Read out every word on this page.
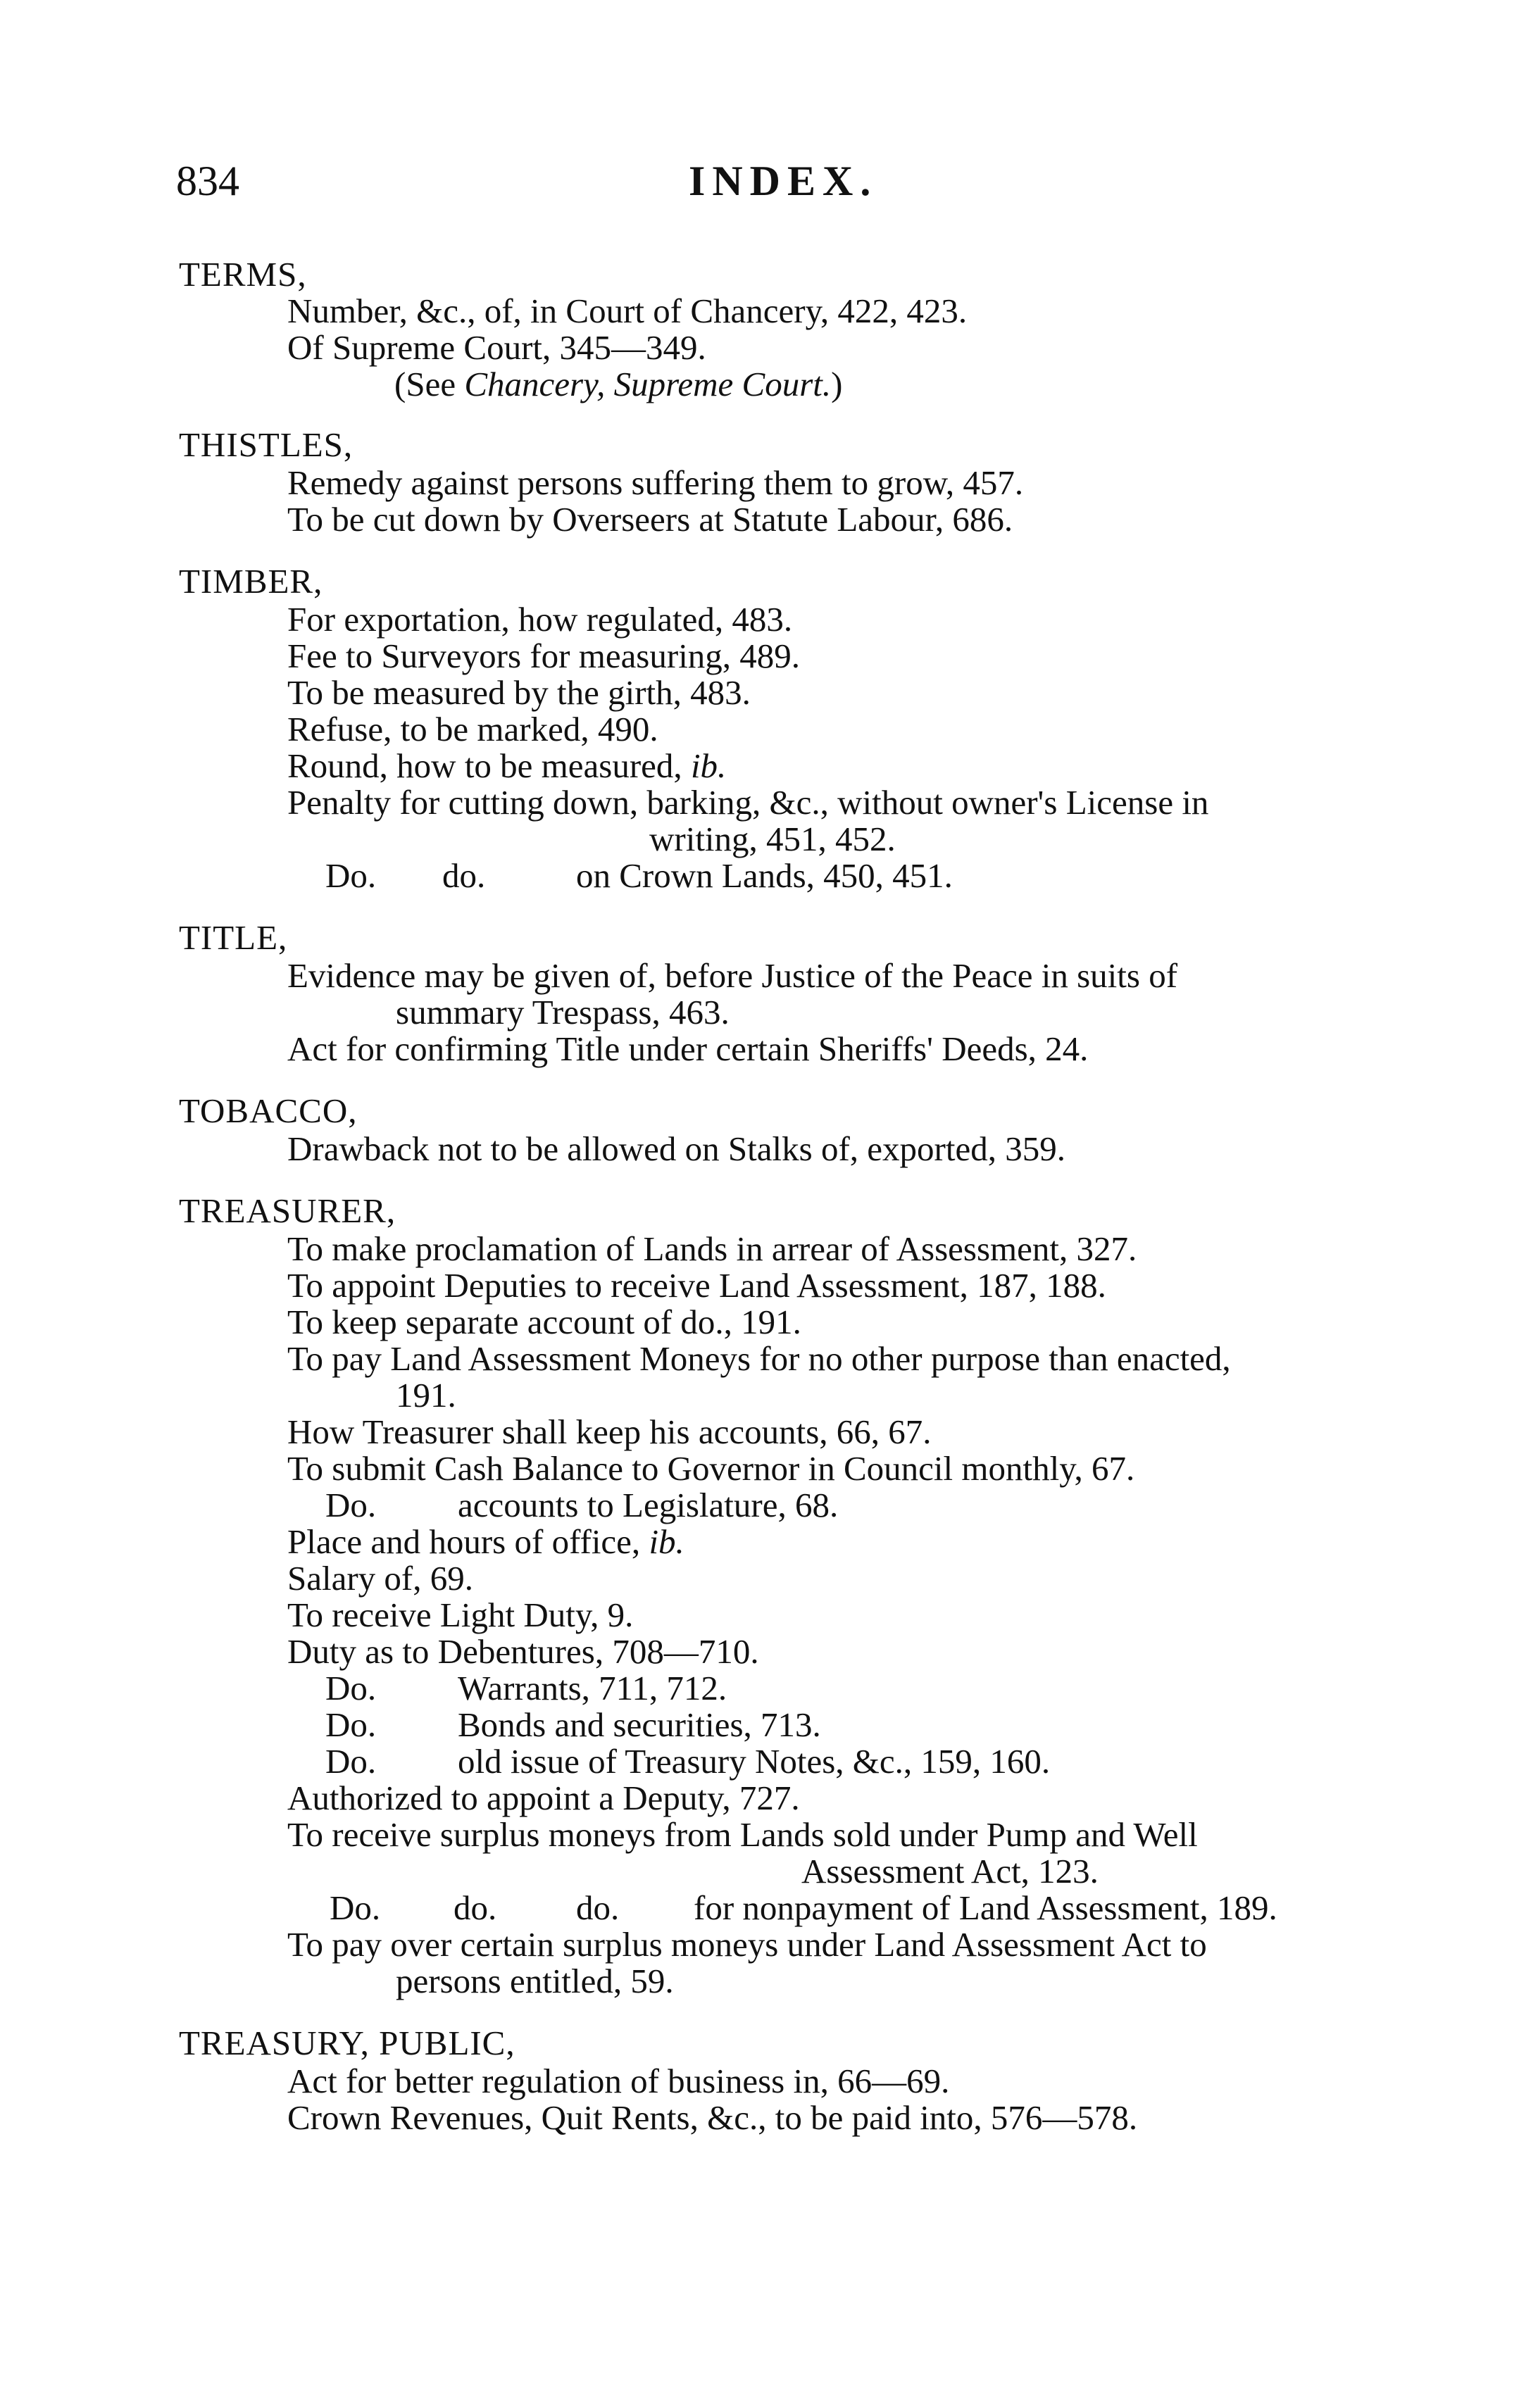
834	INDEX.
TERMS,
Number, &c., of, in Court of Chancery, 422, 423.
Of Supreme Court, 345—349.
(See Chancery, Supreme Court.)
THISTLES,
Remedy against persons suffering them to grow, 457.
To be cut down by Overseers at Statute Labour, 686.
TIMBER,
For exportation, how regulated, 483.
Fee to Surveyors for measuring, 489.
To be measured by the girth, 483.
Refuse, to be marked, 490.
Round, how to be measured, ib.
Penalty for cutting down, barking, &c., without owner's License in
writing, 451, 452.
Do. do.	on Crown Lands, 450, 451.
TITLE,
Evidence may be given of, before Justice of the Peace in suits of
summary Trespass, 463.
Act for confirming Title under certain Sheriffs' Deeds, 24.
TOBACCO,
Drawback not to be allowed on Stalks of, exported, 359.
TREASURER,
To make proclamation of Lands in arrear of Assessment, 327.
To appoint Deputies to receive Land Assessment, 187, 188.
To keep separate account of do., 191.
To pay Land Assessment Moneys for no other purpose than enacted,
191.
How Treasurer shall keep his accounts, 66, 67.
To submit Cash Balance to Governor in Council monthly, 67.
Do. accounts to Legislature, 68.
Place and hours of office, ib.
Salary of, 69.
To receive Light Duty, 9.
Duty as to Debentures, 708—710.
Do. Warrants, 711, 712.
Do. Bonds and securities, 713.
Do. old issue of Treasury Notes, &c., 159, 160.
Authorized to appoint a Deputy, 727.
To receive surplus moneys from Lands sold under Pump and Well
Assessment Act, 123.
Do. do. do. for nonpayment of Land Assessment, 189.
To pay over certain surplus moneys under Land Assessment Act to
persons entitled, 59.
TREASURY, PUBLIC,
Act for better regulation of business in, 66—69.
Crown Revenues, Quit Rents, &c., to be paid into, 576—578.
